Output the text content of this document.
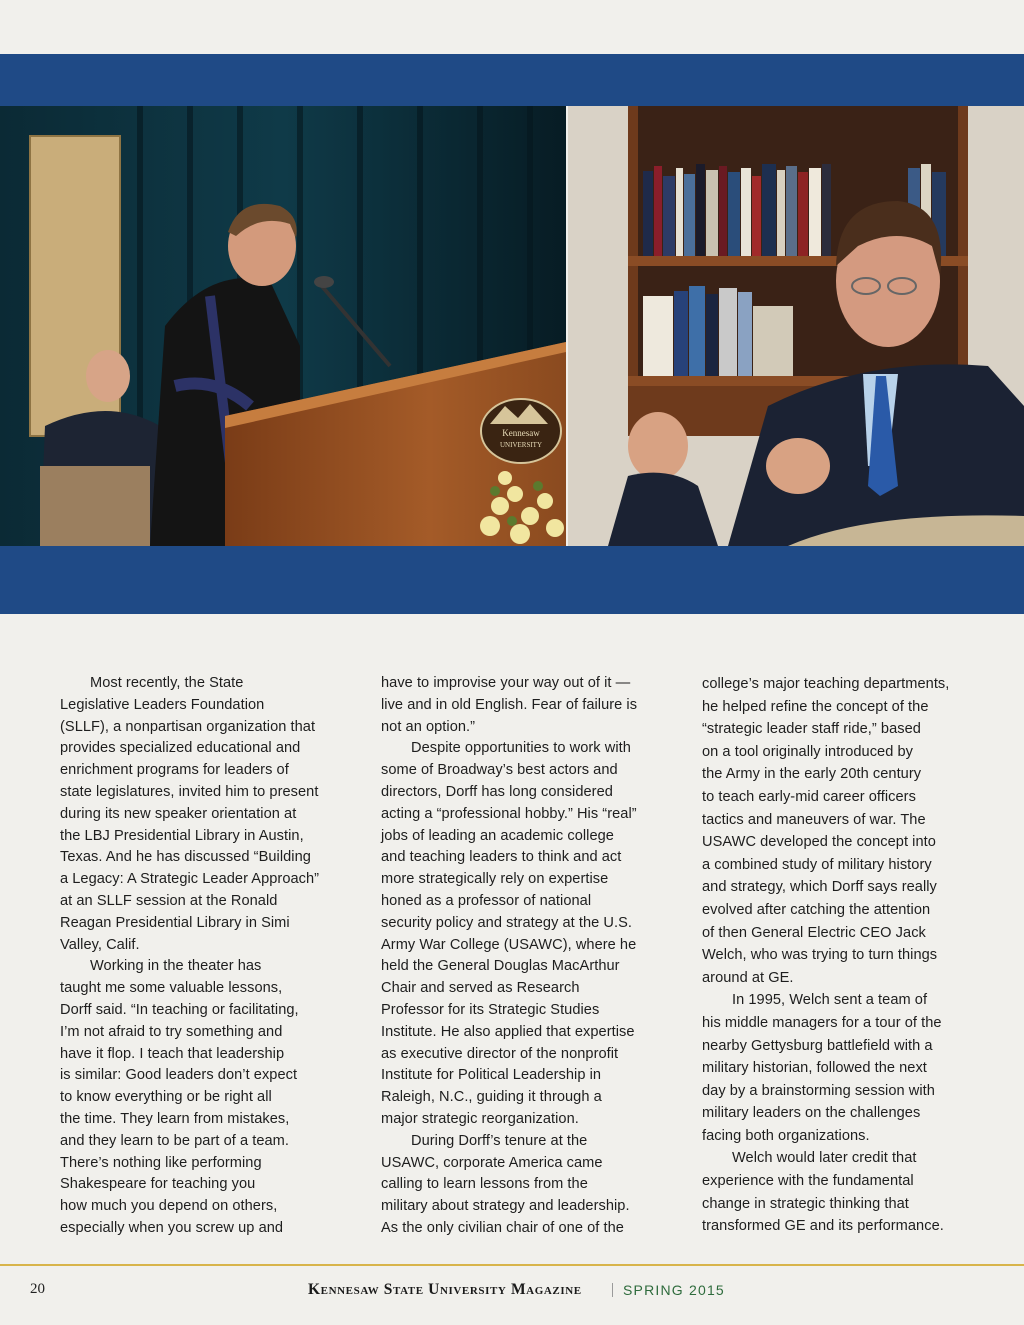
Kennesaw
UNIVERSITY

Most recently, the State
Legislative Leaders Foundation
(SLLF), a nonpartisan organization that
provides specialized educational and
enrichment programs for leaders of
state legislatures, invited him to present
during its new speaker orientation at
the LBJ Presidential Library in Austin,
Texas. And he has discussed “Building
a Legacy: A Strategic Leader Approach”
at an SLLF session at the Ronald
Reagan Presidential Library in Simi
Valley, Calif.

Working in the theater has
taught me some valuable lessons,
Dorff said. “In teaching or facilitating,
I’m not afraid to try something and
have it flop. I teach that leadership
is similar: Good leaders don’t expect
to know everything or be right all
the time. They learn from mistakes,
and they learn to be part of a team.
There’s nothing like performing
Shakespeare for teaching you
how much you depend on others,
especially when you screw up and

have to improvise your way out of it —
live and in old English. Fear of failure is
not an option.”

Despite opportunities to work with
some of Broadway’s best actors and
directors, Dorff has long considered
acting a “professional hobby.” His “real”
jobs of leading an academic college
and teaching leaders to think and act
more strategically rely on expertise
honed as a professor of national
security policy and strategy at the U.S.
Army War College (USAWC), where he
held the General Douglas MacArthur
Chair and served as Research
Professor for its Strategic Studies
Institute. He also applied that expertise
as executive director of the nonprofit
Institute for Political Leadership in
Raleigh, N.C., guiding it through a
major strategic reorganization.

During Dorff’s tenure at the
USAWC, corporate America came
calling to learn lessons from the
military about strategy and leadership.
As the only civilian chair of one of the

college’s major teaching departments,
he helped refine the concept of the
“strategic leader staff ride,” based
on a tool originally introduced by
the Army in the early 20th century
to teach early-mid career officers
tactics and maneuvers of war. The
USAWC developed the concept into
a combined study of military history
and strategy, which Dorff says really
evolved after catching the attention
of then General Electric CEO Jack
Welch, who was trying to turn things
around at GE.

In 1995, Welch sent a team of
his middle managers for a tour of the
nearby Gettysburg battlefield with a
military historian, followed the next
day by a brainstorming session with
military leaders on the challenges
facing both organizations.

Welch would later credit that
experience with the fundamental
change in strategic thinking that
transformed GE and its performance.

20	Kennesaw State University Magazine	SPRING 2015
